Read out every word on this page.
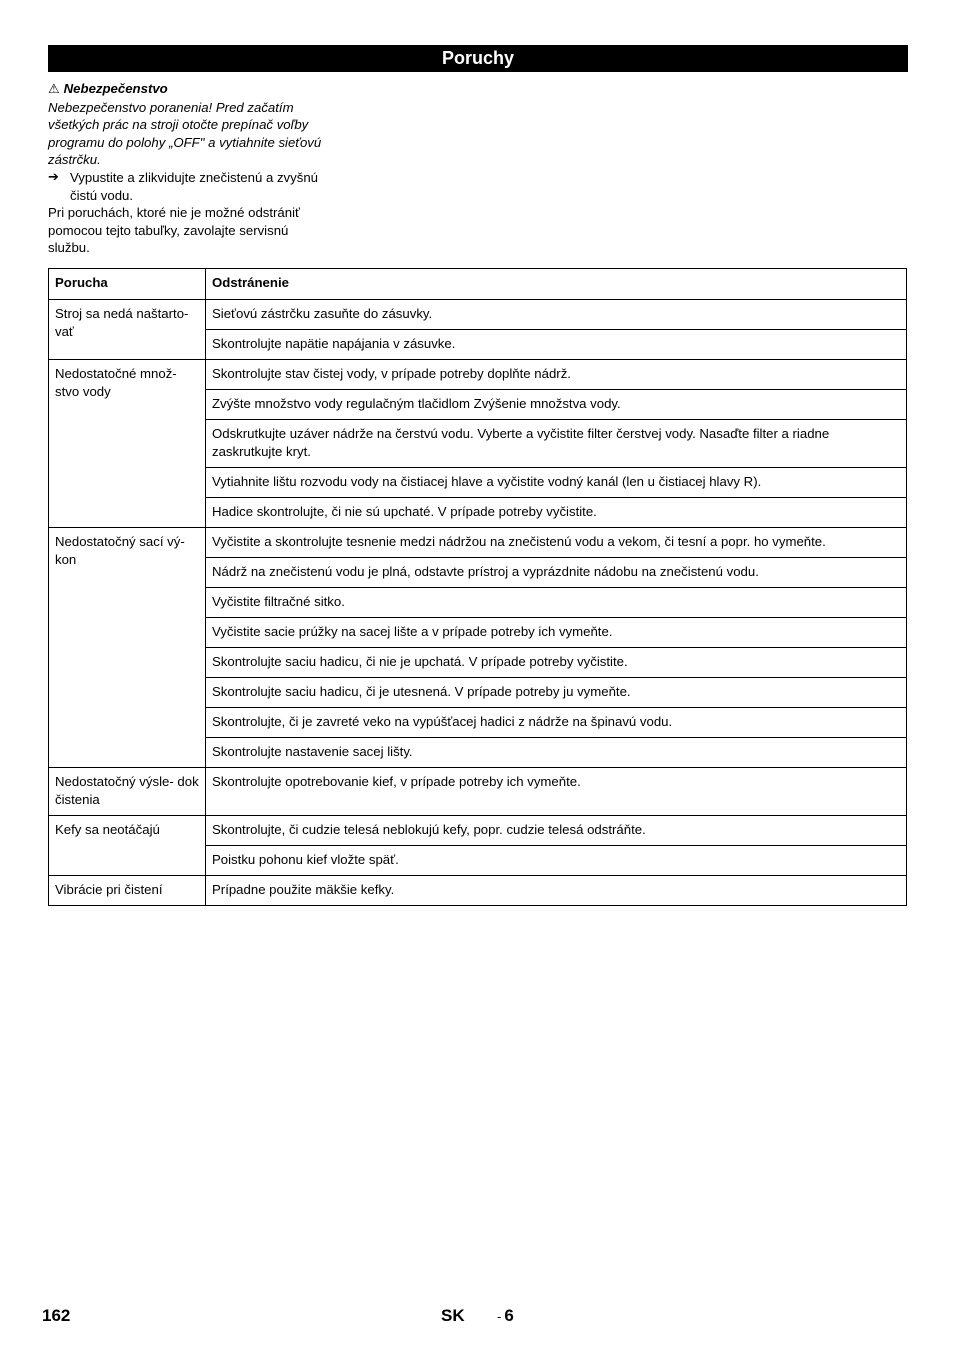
Poruchy
⚠ Nebezpečenstvo

Nebezpečenstvo poranenia! Pred začatím všetkých prác na stroji otočte prepínač voľby programu do polohy „OFF" a vytiahnite sieťovú zástrčku.

➔ Vypustite a zlikvidujte znečistenú a zvyšnú čistú vodu.

Pri poruchách, ktoré nie je možné odstrániť pomocou tejto tabuľky, zavolajte servisnú službu.

Porucha	Odstránenie
Stroj sa nedá naštarto- vať	Sieťovú zástrčku zasuňte do zásuvky.
	Skontrolujte napätie napájania v zásuvke.
Nedostatočné množ- stvo vody	Skontrolujte stav čistej vody, v prípade potreby doplňte nádrž.
	Zvýšte množstvo vody regulačným tlačidlom Zvýšenie množstva vody.
	Odskrutkujte uzáver nádrže na čerstvú vodu. Vyberte a vyčistite filter čerstvej vody. Nasaďte filter a riadne zaskrutkujte kryt.
	Vytiahnite lištu rozvodu vody na čistiacej hlave a vyčistite vodný kanál (len u čistiacej hlavy R).
	Hadice skontrolujte, či nie sú upchaté. V prípade potreby vyčistite.
Nedostatočný sací vý- kon	Vyčistite a skontrolujte tesnenie medzi nádržou na znečistenú vodu a vekom, či tesní a popr. ho vymeňte.
	Nádrž na znečistenú vodu je plná, odstavte prístroj a vyprázdnite nádobu na znečistenú vodu.
	Vyčistite filtračné sitko.
	Vyčistite sacie prúžky na sacej lište a v prípade potreby ich vymeňte.
	Skontrolujte saciu hadicu, či nie je upchatá. V prípade potreby vyčistite.
	Skontrolujte saciu hadicu, či je utesnená. V prípade potreby ju vymeňte.
	Skontrolujte, či je zavreté veko na vypúšťacej hadici z nádrže na špinavú vodu.
	Skontrolujte nastavenie sacej lišty.
Nedostatočný výsle- dok čistenia	Skontrolujte opotrebovanie kief, v prípade potreby ich vymeňte.
Kefy sa neotáčajú	Skontrolujte, či cudzie telesá neblokujú kefy, popr. cudzie telesá odstráňte.
	Poistku pohonu kief vložte späť.
Vibrácie pri čistení	Prípadne použite mäkšie kefky.
162	SK - 6
